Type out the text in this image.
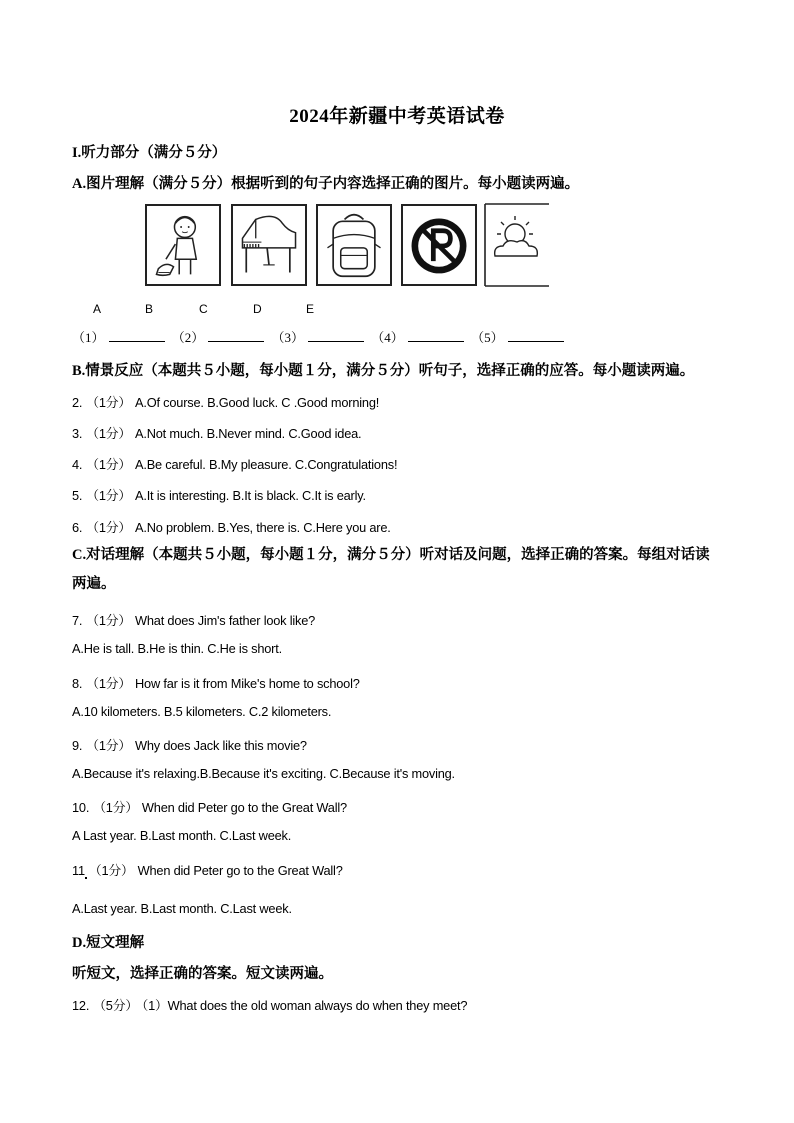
2024年新疆中考英语试卷
I.听力部分（满分５分）
A.图片理解（满分５分）根据听到的句子内容选择正确的图片。每小题读两遍。
A	B	C	D	E
（1）	（2）	（3）	（4）	（5）
B.情景反应（本题共５小题，每小题１分，满分５分）听句子，选择正确的应答。每小题读两遍。
2. （1分） A.Of course. B.Good luck. C .Good morning!
3. （1分） A.Not much. B.Never mind. C.Good idea.
4. （1分） A.Be careful. B.My pleasure. C.Congratulations!
5. （1分） A.It is interesting. B.It is black. C.It is early.
6. （1分） A.No problem. B.Yes, there is. C.Here you are.
C.对话理解（本题共５小题，每小题１分，满分５分）听对话及问题，选择正确的答案。每组对话读两遍。
7. （1分） What does Jim's father look like?
A.He is tall. B.He is thin. C.He is short.
8. （1分） How far is it from Mike's home to school?
A.10 kilometers. B.5 kilometers. C.2 kilometers.
9. （1分） Why does Jack like this movie?
A.Because it's relaxing.B.Because it's exciting. C.Because it's moving.
10. （1分） When did Peter go to the Great Wall?
A Last year. B.Last month. C.Last week.
11 （1分） When did Peter go to the Great Wall?
A.Last year. B.Last month. C.Last week.
D.短文理解
听短文，选择正确的答案。短文读两遍。
12. （5分） （1）What does the old woman always do when they meet?
